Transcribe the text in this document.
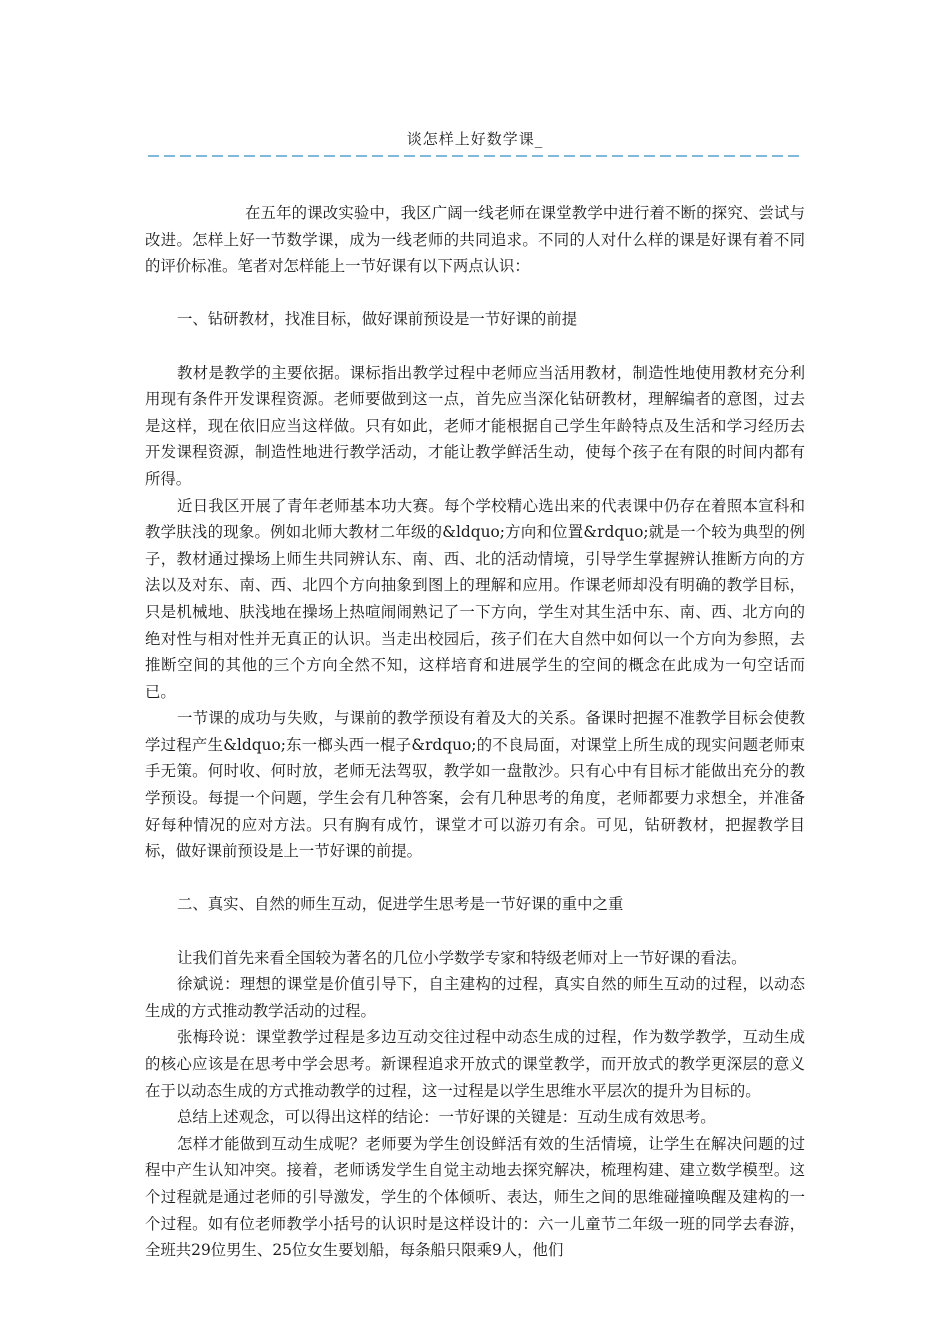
谈怎样上好数学课_

在五年的课改实验中，我区广阔一线老师在课堂教学中进行着不断的探究、尝试与改进。怎样上好一节数学课，成为一线老师的共同追求。不同的人对什么样的课是好课有着不同的评价标准。笔者对怎样能上一节好课有以下两点认识：

一、钻研教材，找准目标，做好课前预设是一节好课的前提

教材是教学的主要依据。课标指出教学过程中老师应当活用教材，制造性地使用教材充分利用现有条件开发课程资源。老师要做到这一点，首先应当深化钻研教材，理解编者的意图，过去是这样，现在依旧应当这样做。只有如此，老师才能根据自己学生年龄特点及生活和学习经历去开发课程资源，制造性地进行教学活动，才能让教学鲜活生动，使每个孩子在有限的时间内都有所得。

近日我区开展了青年老师基本功大赛。每个学校精心选出来的代表课中仍存在着照本宣科和教学肤浅的现象。例如北师大教材二年级的&ldquo;方向和位置&rdquo;就是一个较为典型的例子，教材通过操场上师生共同辨认东、南、西、北的活动情境，引导学生掌握辨认推断方向的方法以及对东、南、西、北四个方向抽象到图上的理解和应用。作课老师却没有明确的教学目标，只是机械地、肤浅地在操场上热喧闹闹熟记了一下方向，学生对其生活中东、南、西、北方向的绝对性与相对性并无真正的认识。当走出校园后，孩子们在大自然中如何以一个方向为参照，去推断空间的其他的三个方向全然不知，这样培育和进展学生的空间的概念在此成为一句空话而已。

一节课的成功与失败，与课前的教学预设有着及大的关系。备课时把握不准教学目标会使教学过程产生&ldquo;东一榔头西一棍子&rdquo;的不良局面，对课堂上所生成的现实问题老师束手无策。何时收、何时放，老师无法驾驭，教学如一盘散沙。只有心中有目标才能做出充分的教学预设。每提一个问题，学生会有几种答案，会有几种思考的角度，老师都要力求想全，并准备好每种情况的应对方法。只有胸有成竹，课堂才可以游刃有余。可见，钻研教材，把握教学目标，做好课前预设是上一节好课的前提。

二、真实、自然的师生互动，促进学生思考是一节好课的重中之重

让我们首先来看全国较为著名的几位小学数学专家和特级老师对上一节好课的看法。

徐斌说：理想的课堂是价值引导下，自主建构的过程，真实自然的师生互动的过程，以动态生成的方式推动教学活动的过程。

张梅玲说：课堂教学过程是多边互动交往过程中动态生成的过程，作为数学教学，互动生成的核心应该是在思考中学会思考。新课程追求开放式的课堂教学，而开放式的教学更深层的意义在于以动态生成的方式推动教学的过程，这一过程是以学生思维水平层次的提升为目标的。

总结上述观念，可以得出这样的结论：一节好课的关键是：互动生成有效思考。

怎样才能做到互动生成呢？老师要为学生创设鲜活有效的生活情境，让学生在解决问题的过程中产生认知冲突。接着，老师诱发学生自觉主动地去探究解决，梳理构建、建立数学模型。这个过程就是通过老师的引导激发，学生的个体倾听、表达，师生之间的思维碰撞唤醒及建构的一个过程。如有位老师教学小括号的认识时是这样设计的：六一儿童节二年级一班的同学去春游，全班共29位男生、25位女生要划船，每条船只限乘9人，他们
